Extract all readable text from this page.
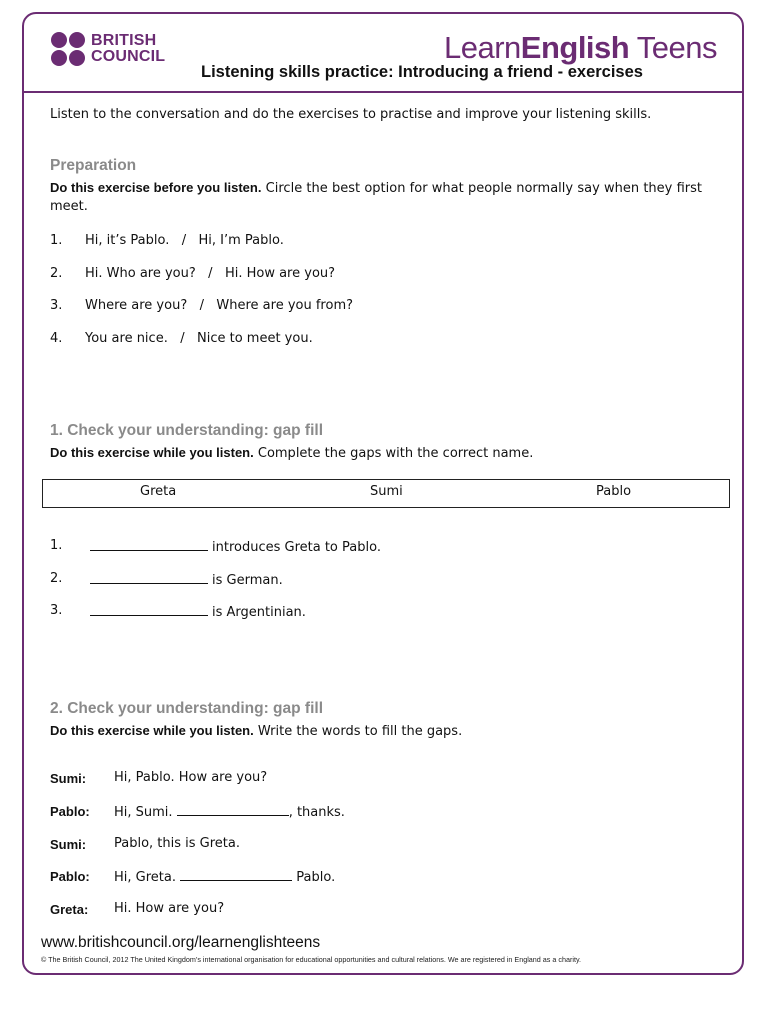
BRITISH
COUNCIL	LearnEnglish Teens
Listening skills practice: Introducing a friend - exercises
Listen to the conversation and do the exercises to practise and improve your listening skills.
Preparation
Do this exercise before you listen. Circle the best option for what people normally say when they first meet.
1. Hi, it’s Pablo.   /   Hi, I’m Pablo.
2. Hi. Who are you?   /   Hi. How are you?
3. Where are you?   /   Where are you from?
4. You are nice.   /   Nice to meet you.
1. Check your understanding: gap fill
Do this exercise while you listen. Complete the gaps with the correct name.
Greta	Sumi	Pablo
1.	introduces Greta to Pablo.
2.	is German.
3.	is Argentinian.
2. Check your understanding: gap fill
Do this exercise while you listen. Write the words to fill the gaps.
Sumi: Hi, Pablo. How are you?
Pablo: Hi, Sumi.	, thanks.
Sumi: Pablo, this is Greta.
Pablo: Hi, Greta.	Pablo.
Greta: Hi. How are you?
www.britishcouncil.org/learnenglishteens
© The British Council, 2012 The United Kingdom’s international organisation for educational opportunities and cultural relations. We are registered in England as a charity.
